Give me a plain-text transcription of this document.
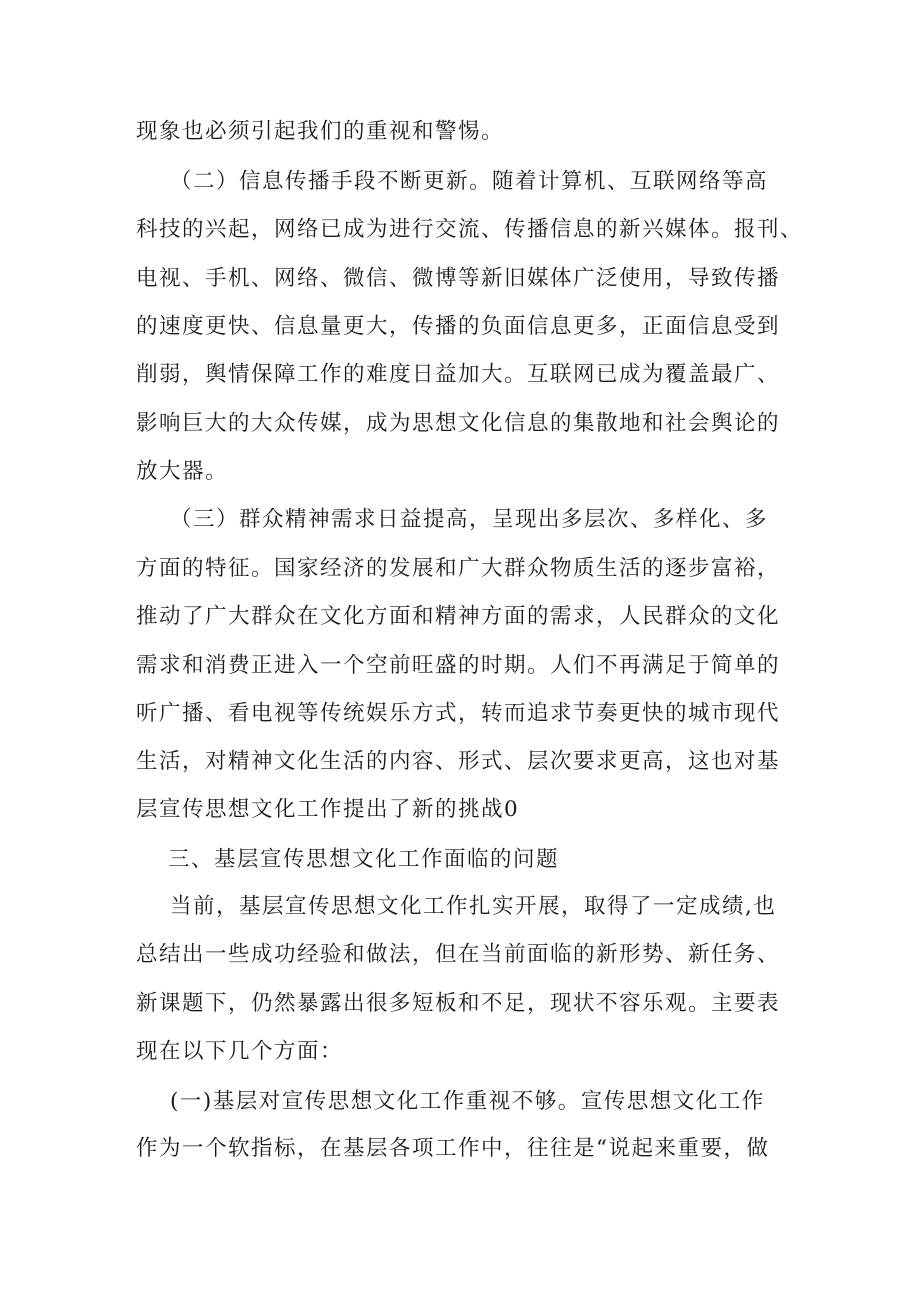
现象也必须引起我们的重视和警惕。
（二）信息传播手段不断更新。随着计算机、互联网络等高
科技的兴起，网络已成为进行交流、传播信息的新兴媒体。报刊、
电视、手机、网络、微信、微博等新旧媒体广泛使用，导致传播
的速度更快、信息量更大，传播的负面信息更多，正面信息受到
削弱，舆情保障工作的难度日益加大。互联网已成为覆盖最广、
影响巨大的大众传媒，成为思想文化信息的集散地和社会舆论的
放大器。
（三）群众精神需求日益提高，呈现出多层次、多样化、多
方面的特征。国家经济的发展和广大群众物质生活的逐步富裕，
推动了广大群众在文化方面和精神方面的需求，人民群众的文化
需求和消费正进入一个空前旺盛的时期。人们不再满足于简单的
听广播、看电视等传统娱乐方式，转而追求节奏更快的城市现代
生活，对精神文化生活的内容、形式、层次要求更高，这也对基
层宣传思想文化工作提出了新的挑战0
三、基层宣传思想文化工作面临的问题
当前，基层宣传思想文化工作扎实开展，取得了一定成绩,也
总结出一些成功经验和做法，但在当前面临的新形势、新任务、
新课题下，仍然暴露出很多短板和不足，现状不容乐观。主要表
现在以下几个方面：
(一)基层对宣传思想文化工作重视不够。宣传思想文化工作
作为一个软指标，在基层各项工作中，往往是“说起来重要，做
